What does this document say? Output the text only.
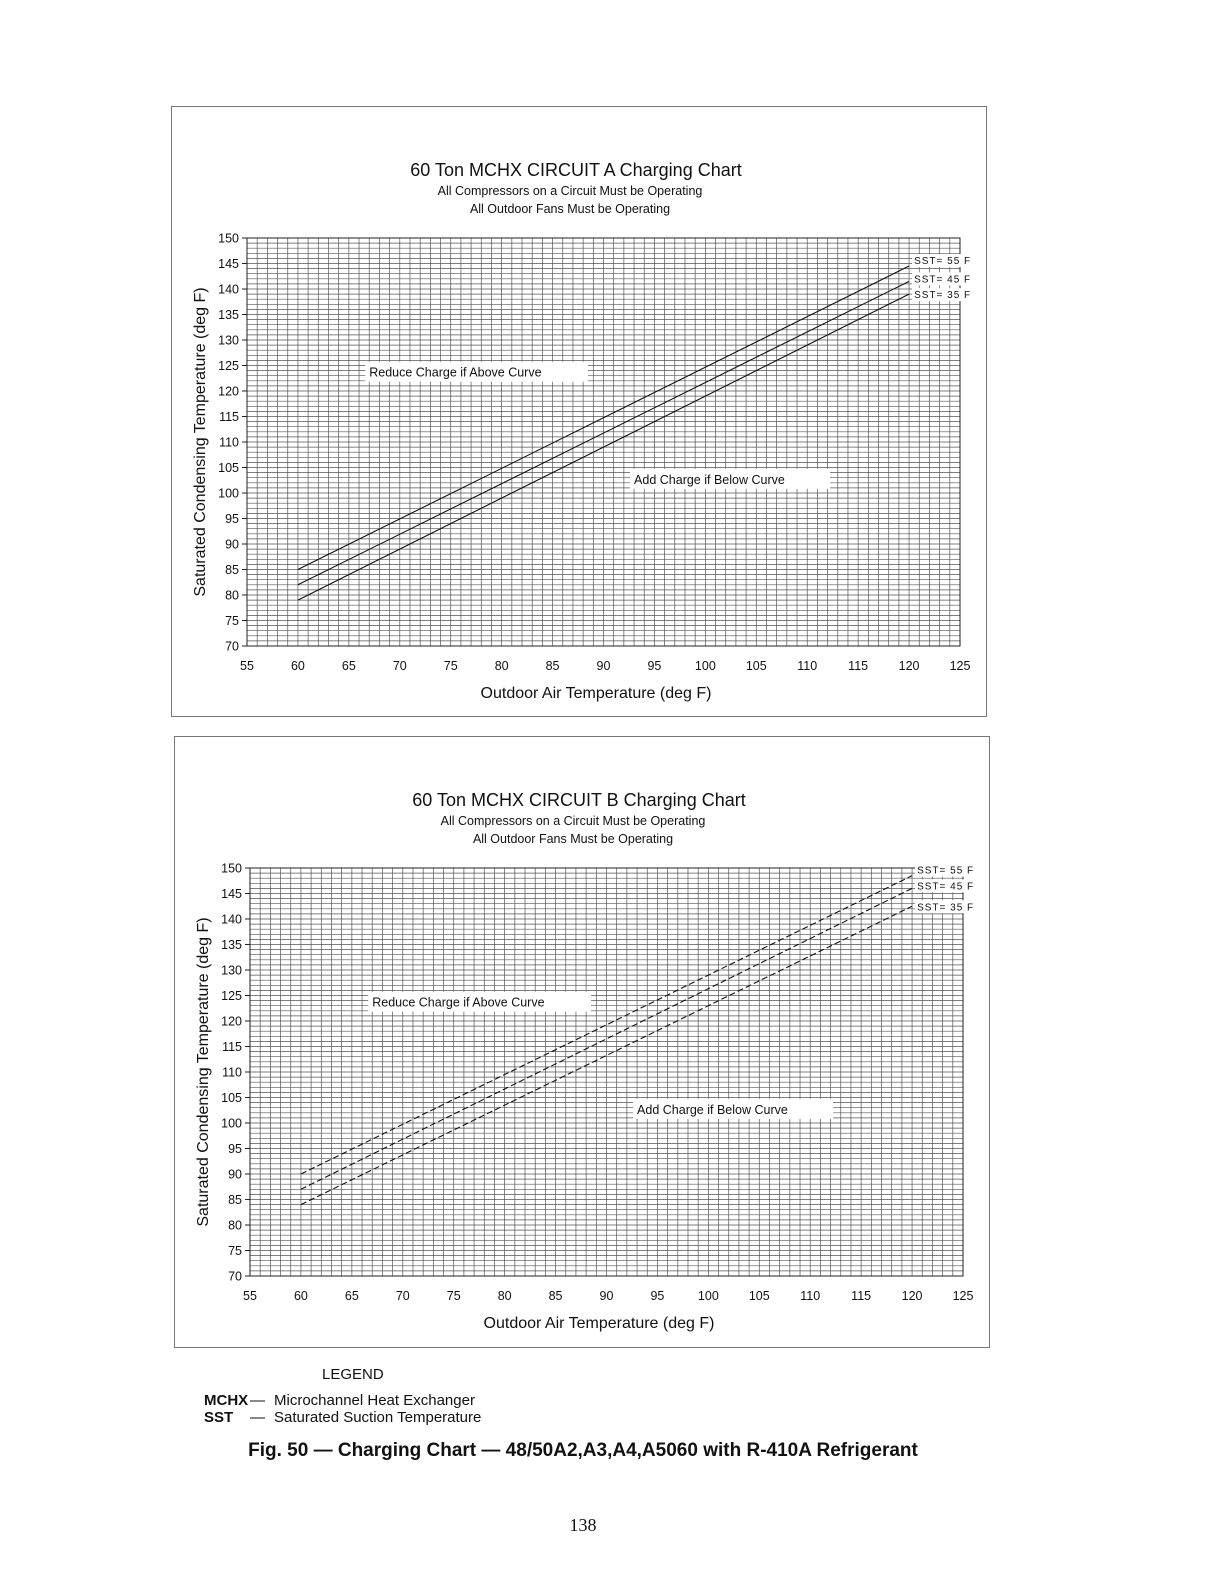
60 Ton MCHX CIRCUIT A Charging Chart
All Compressors on a Circuit Must be Operating
All Outdoor Fans Must be Operating
55	60	65	70	75	80	85	90	95	100 105 110 115 120 125
70
75
80
85
90
95
100
105
110
115
120
125
130
135
140
145
150
Outdoor Air Temperature (deg F)
Saturated Condensing Temperature (deg F)
SST= 55 F
SST= 45 F
SST= 35 F
Reduce Charge if Above Curve
Add Charge if Below Curve
60 Ton MCHX CIRCUIT B Charging Chart
All Compressors on a Circuit Must be Operating
All Outdoor Fans Must be Operating
55	60	65	70	75	80	85	90	95	100 105 110 115 120 125
70
75
80
85
90
95
100
105
110
115
120
125
130
135
140
145
150
Outdoor Air Temperature (deg F)
Saturated Condensing Temperature (deg F)
SST= 55 F
SST= 45 F
SST= 35 F
Reduce Charge if Above Curve
Add Charge if Below Curve
LEGEND
MCHX — Microchannel Heat Exchanger
SST — Saturated Suction Temperature
Fig. 50 — Charging Chart — 48/50A2,A3,A4,A5060 with R-410A Refrigerant
138
